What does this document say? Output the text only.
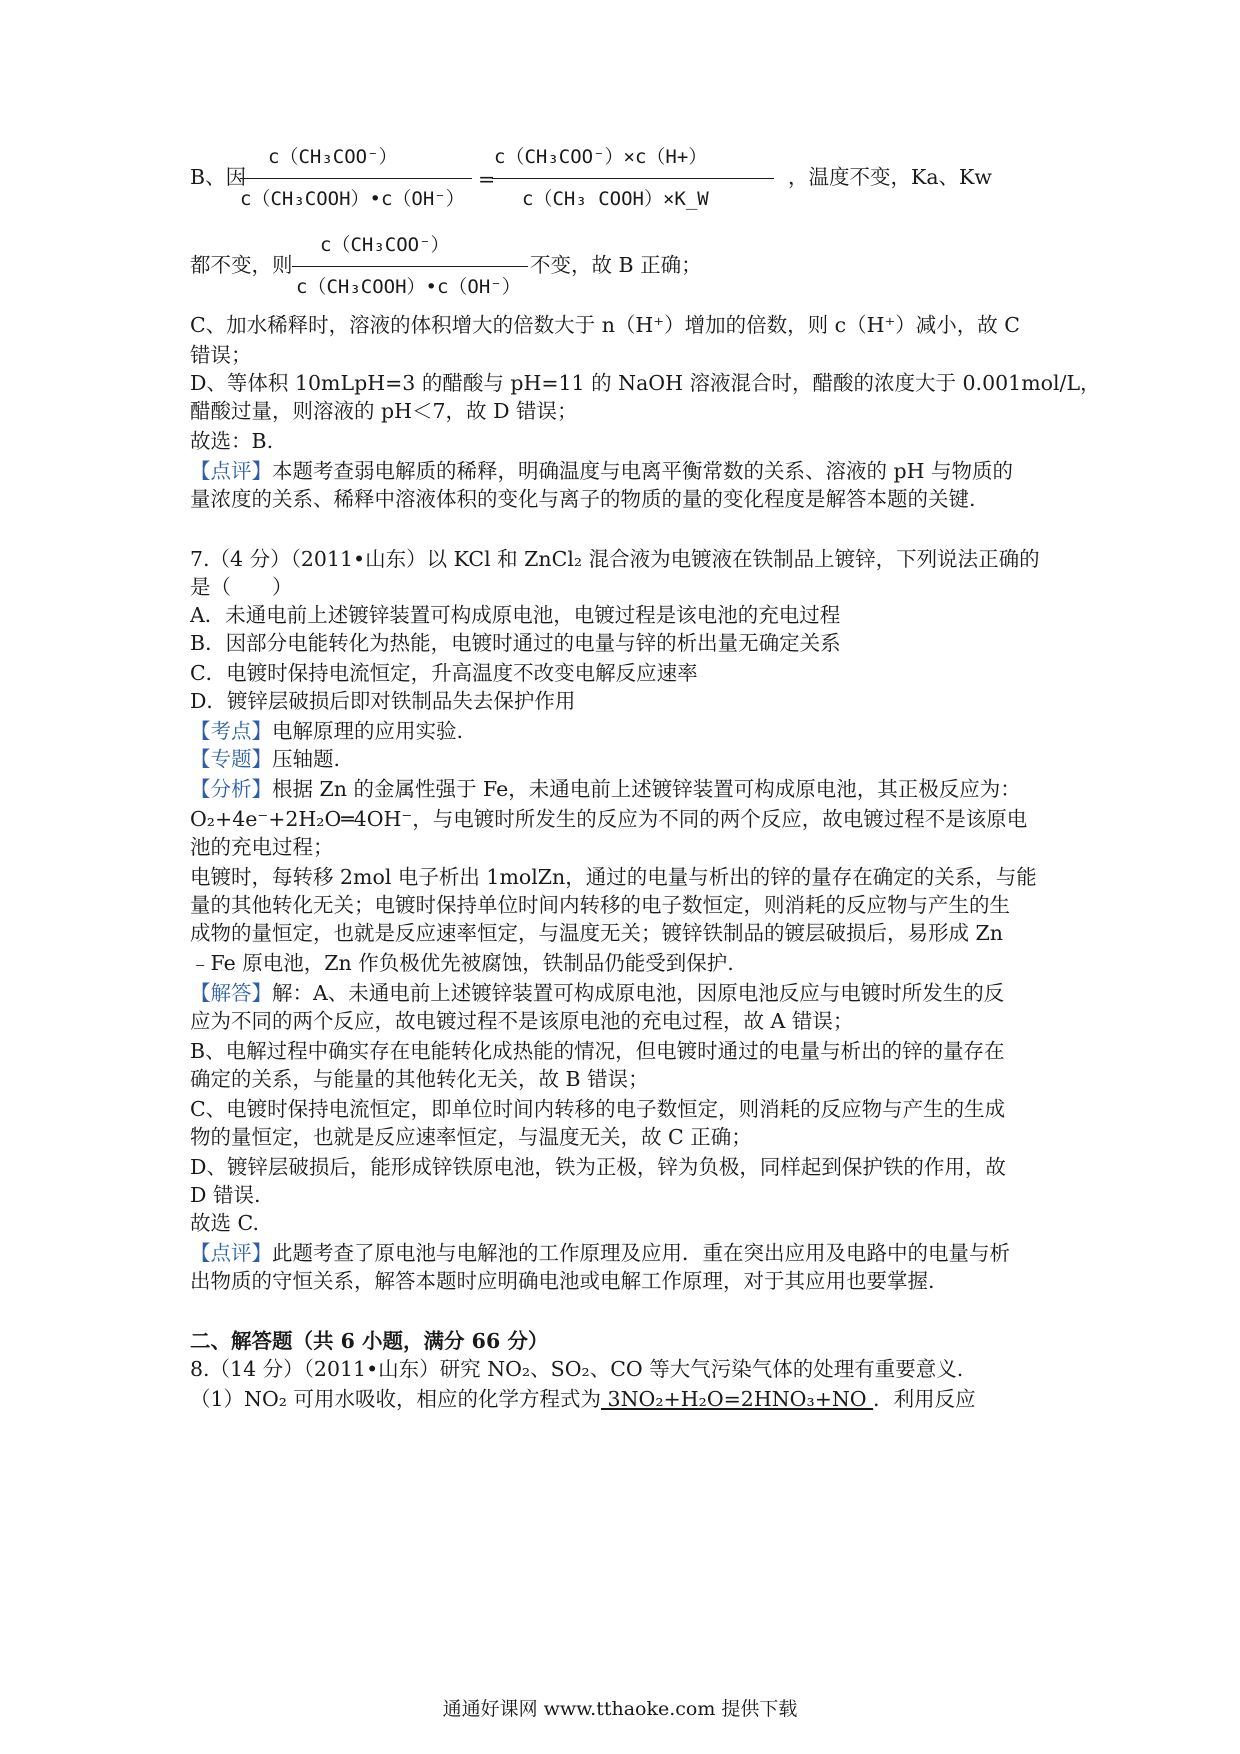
B、因
c（CH₃COO⁻）
c（CH₃COOH）•c（OH⁻）
=
c（CH₃COO⁻）×c（H+）
c（CH₃ COOH）×K_W
，温度不变，Ka、Kw
都不变，则
c（CH₃COO⁻）
c（CH₃COOH）•c（OH⁻）
不变，故 B 正确；
C、加水稀释时，溶液的体积增大的倍数大于 n（H⁺）增加的倍数，则 c（H⁺）减小，故 C
错误；
D、等体积 10mLpH=3 的醋酸与 pH=11 的 NaOH 溶液混合时，醋酸的浓度大于 0.001mol/L，
醋酸过量，则溶液的 pH＜7，故 D 错误；
故选：B.
【点评】本题考查弱电解质的稀释，明确温度与电离平衡常数的关系、溶液的 pH 与物质的
量浓度的关系、稀释中溶液体积的变化与离子的物质的量的变化程度是解答本题的关键.
7.（4 分）（2011•山东）以 KCl 和 ZnCl₂ 混合液为电镀液在铁制品上镀锌，下列说法正确的
是（　　）
A．未通电前上述镀锌装置可构成原电池，电镀过程是该电池的充电过程
B．因部分电能转化为热能，电镀时通过的电量与锌的析出量无确定关系
C．电镀时保持电流恒定，升高温度不改变电解反应速率
D．镀锌层破损后即对铁制品失去保护作用
【考点】电解原理的应用实验.
【专题】压轴题.
【分析】根据 Zn 的金属性强于 Fe，未通电前上述镀锌装置可构成原电池，其正极反应为：
O₂+4e⁻+2H₂O═4OH⁻，与电镀时所发生的反应为不同的两个反应，故电镀过程不是该原电
池的充电过程；
电镀时，每转移 2mol 电子析出 1molZn，通过的电量与析出的锌的量存在确定的关系，与能
量的其他转化无关；电镀时保持单位时间内转移的电子数恒定，则消耗的反应物与产生的生
成物的量恒定，也就是反应速率恒定，与温度无关；镀锌铁制品的镀层破损后，易形成 Zn
﹣Fe 原电池，Zn 作负极优先被腐蚀，铁制品仍能受到保护.
【解答】解：A、未通电前上述镀锌装置可构成原电池，因原电池反应与电镀时所发生的反
应为不同的两个反应，故电镀过程不是该原电池的充电过程，故 A 错误；
B、电解过程中确实存在电能转化成热能的情况，但电镀时通过的电量与析出的锌的量存在
确定的关系，与能量的其他转化无关，故 B 错误；
C、电镀时保持电流恒定，即单位时间内转移的电子数恒定，则消耗的反应物与产生的生成
物的量恒定，也就是反应速率恒定，与温度无关，故 C 正确；
D、镀锌层破损后，能形成锌铁原电池，铁为正极，锌为负极，同样起到保护铁的作用，故
D 错误.
故选 C.
【点评】此题考查了原电池与电解池的工作原理及应用．重在突出应用及电路中的电量与析
出物质的守恒关系，解答本题时应明确电池或电解工作原理，对于其应用也要掌握.
二、解答题（共 6 小题，满分 66 分）
8.（14 分）（2011•山东）研究 NO₂、SO₂、CO 等大气污染气体的处理有重要意义.
（1）NO₂ 可用水吸收，相应的化学方程式为 3NO₂+H₂O=2HNO₃+NO ．利用反应
通通好课网 www.tthaoke.com 提供下载
